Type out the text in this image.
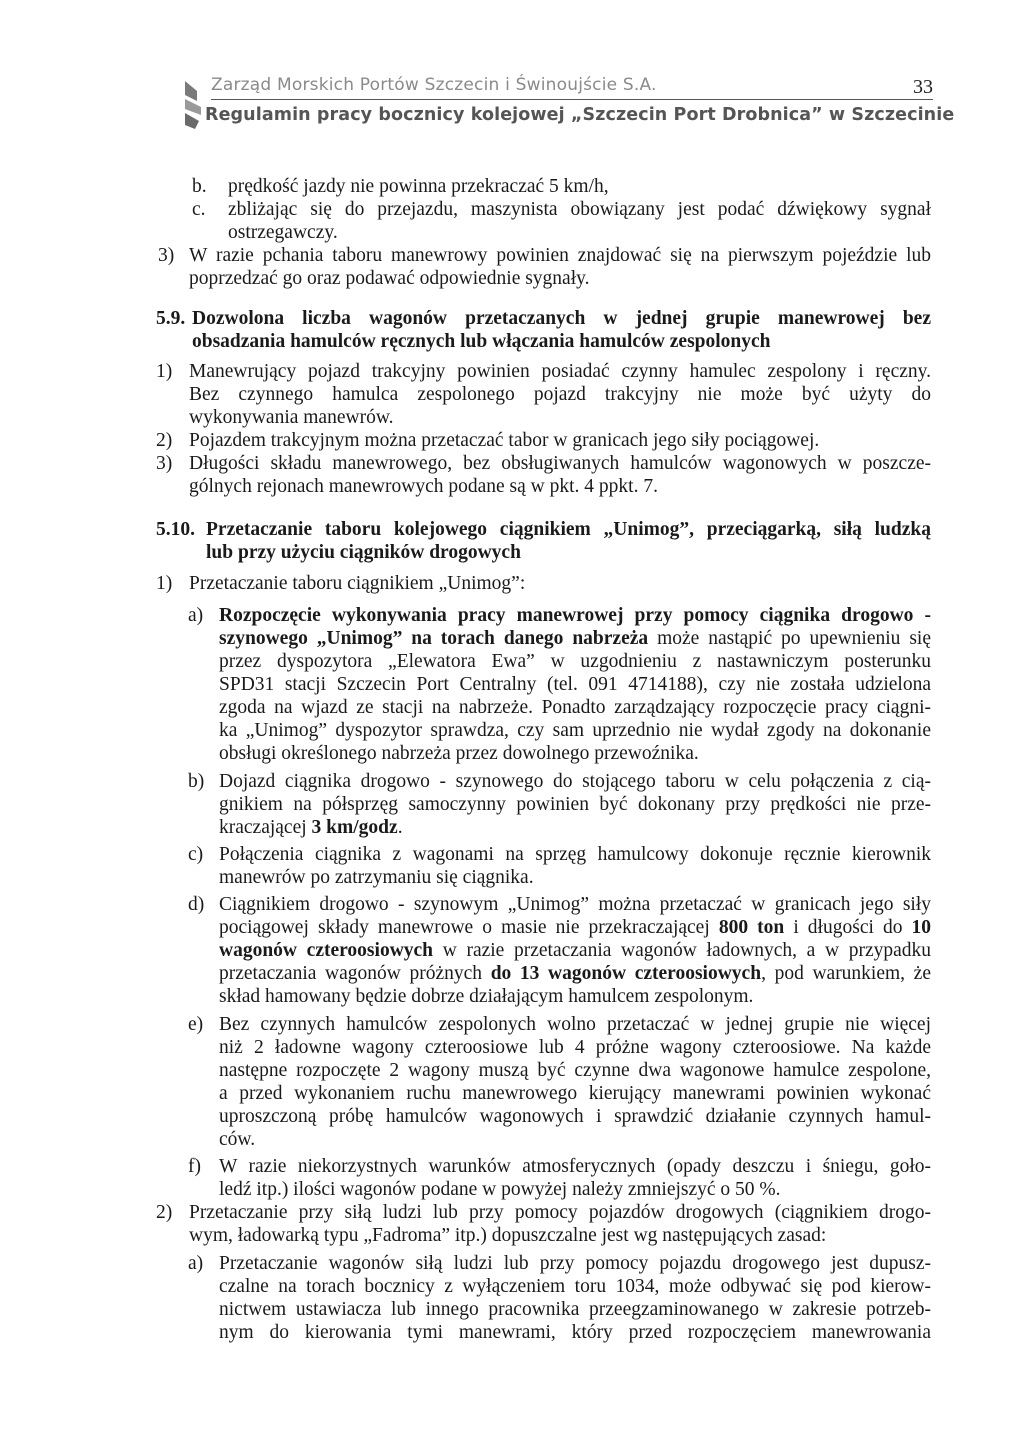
Zarząd Morskich Portów Szczecin i Świnoujście S.A.	33
Regulamin pracy bocznicy kolejowej „Szczecin Port Drobnica” w Szczecinie
b. prędkość jazdy nie powinna przekraczać 5 km/h,
c. zbliżając się do przejazdu, maszynista obowiązany jest podać dźwiękowy sygnał
ostrzegawczy.
3) W razie pchania taboru manewrowy powinien znajdować się na pierwszym pojeździe lub
poprzedzać go oraz podawać odpowiednie sygnały.
5.9. Dozwolona liczba wagonów przetaczanych w jednej grupie manewrowej bez
obsadzania hamulców ręcznych lub włączania hamulców zespolonych
1) Manewrujący pojazd trakcyjny powinien posiadać czynny hamulec zespolony i ręczny.
Bez czynnego hamulca zespolonego pojazd trakcyjny nie może być użyty do
wykonywania manewrów.
2) Pojazdem trakcyjnym można przetaczać tabor w granicach jego siły pociągowej.
3) Długości składu manewrowego, bez obsługiwanych hamulców wagonowych w poszcze-
gólnych rejonach manewrowych podane są w pkt. 4 ppkt. 7.
5.10. Przetaczanie taboru kolejowego ciągnikiem „Unimog”, przeciągarką, siłą ludzką
lub przy użyciu ciągników drogowych
1) Przetaczanie taboru ciągnikiem „Unimog”:
a) Rozpoczęcie wykonywania pracy manewrowej przy pomocy ciągnika drogowo -
szynowego „Unimog” na torach danego nabrzeża może nastąpić po upewnieniu się
przez dyspozytora „Elewatora Ewa” w uzgodnieniu z nastawniczym posterunku
SPD31 stacji Szczecin Port Centralny (tel. 091 4714188), czy nie została udzielona
zgoda na wjazd ze stacji na nabrzeże. Ponadto zarządzający rozpoczęcie pracy ciągni-
ka „Unimog” dyspozytor sprawdza, czy sam uprzednio nie wydał zgody na dokonanie
obsługi określonego nabrzeża przez dowolnego przewoźnika.
b) Dojazd ciągnika drogowo - szynowego do stojącego taboru w celu połączenia z cią-
gnikiem na półsprzęg samoczynny powinien być dokonany przy prędkości nie prze-
kraczającej 3 km/godz.
c) Połączenia ciągnika z wagonami na sprzęg hamulcowy dokonuje ręcznie kierownik
manewrów po zatrzymaniu się ciągnika.
d) Ciągnikiem drogowo - szynowym „Unimog” można przetaczać w granicach jego siły
pociągowej składy manewrowe o masie nie przekraczającej 800 ton i długości do 10
wagonów czteroosiowych w razie przetaczania wagonów ładownych, a w przypadku
przetaczania wagonów próżnych do 13 wagonów czteroosiowych, pod warunkiem, że
skład hamowany będzie dobrze działającym hamulcem zespolonym.
e) Bez czynnych hamulców zespolonych wolno przetaczać w jednej grupie nie więcej
niż 2 ładowne wagony czteroosiowe lub 4 próżne wagony czteroosiowe. Na każde
następne rozpoczęte 2 wagony muszą być czynne dwa wagonowe hamulce zespolone,
a przed wykonaniem ruchu manewrowego kierujący manewrami powinien wykonać
uproszczoną próbę hamulców wagonowych i sprawdzić działanie czynnych hamul-
ców.
f) W razie niekorzystnych warunków atmosferycznych (opady deszczu i śniegu, goło-
ledź itp.) ilości wagonów podane w powyżej należy zmniejszyć o 50 %.
2) Przetaczanie przy siłą ludzi lub przy pomocy pojazdów drogowych (ciągnikiem drogo-
wym, ładowarką typu „Fadroma” itp.) dopuszczalne jest wg następujących zasad:
a) Przetaczanie wagonów siłą ludzi lub przy pomocy pojazdu drogowego jest dupusz-
czalne na torach bocznicy z wyłączeniem toru 1034, może odbywać się pod kierow-
nictwem ustawiacza lub innego pracownika przeegzaminowanego w zakresie potrzeb-
nym do kierowania tymi manewrami, który przed rozpoczęciem manewrowania
